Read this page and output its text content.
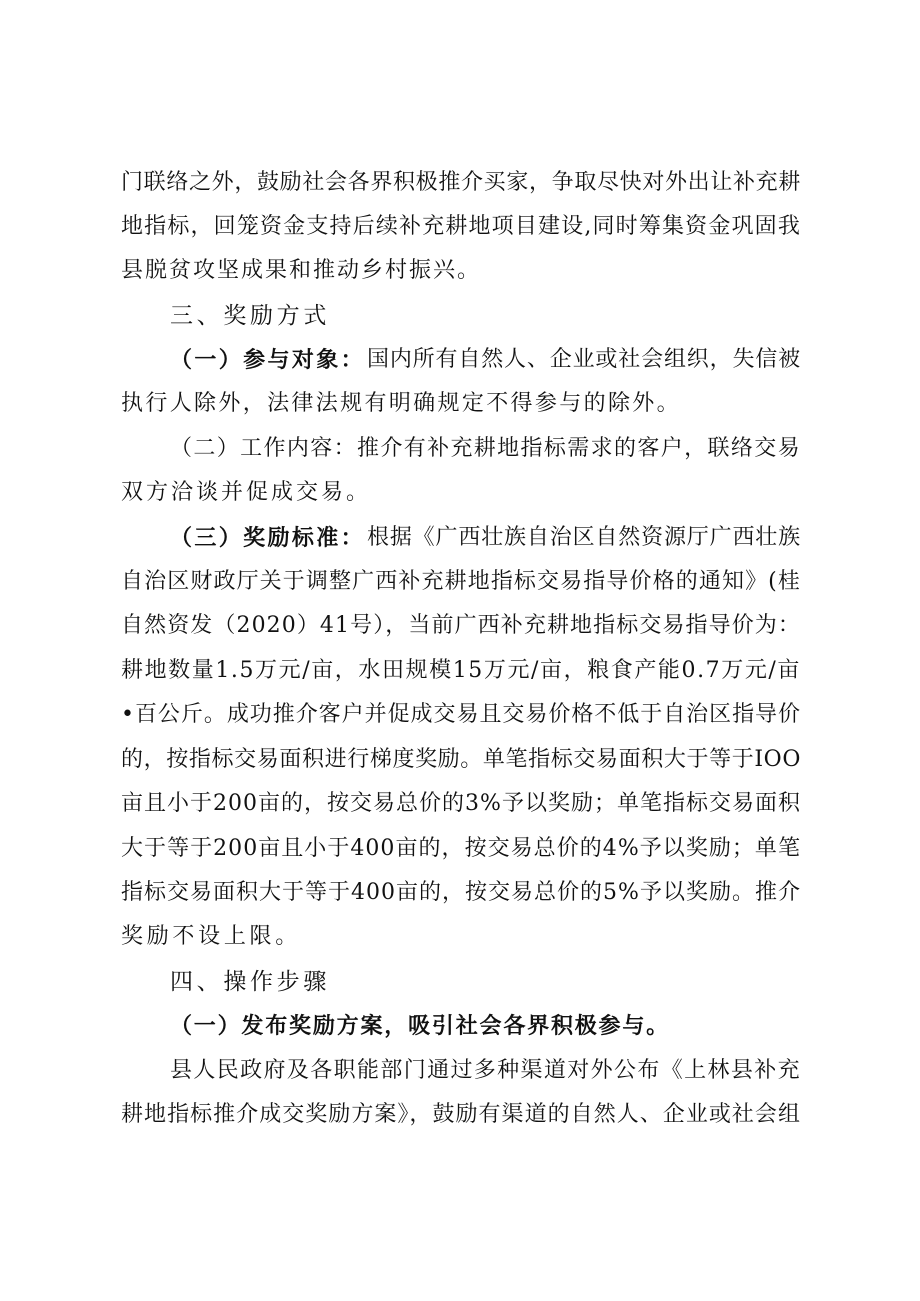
门联络之外，鼓励社会各界积极推介买家，争取尽快对外出让补充耕
地指标，回笼资金支持后续补充耕地项目建设,同时筹集资金巩固我
县脱贫攻坚成果和推动乡村振兴。
三、奖励方式
（一）参与对象： 国内所有自然人、企业或社会组织，失信被
执行人除外，法律法规有明确规定不得参与的除外。
（二）工作内容：推介有补充耕地指标需求的客户，联络交易
双方洽谈并促成交易。
（三）奖励标准： 根据《广西壮族自治区自然资源厅广西壮族
自治区财政厅关于调整广西补充耕地指标交易指导价格的通知》(桂
自然资发（2020）41号），当前广西补充耕地指标交易指导价为：
耕地数量1.5万元/亩，水田规模15万元/亩，粮食产能0.7万元/亩
•百公斤。成功推介客户并促成交易且交易价格不低于自治区指导价
的，按指标交易面积进行梯度奖励。单笔指标交易面积大于等于IOO
亩且小于200亩的，按交易总价的3%予以奖励；单笔指标交易面积
大于等于200亩且小于400亩的，按交易总价的4%予以奖励；单笔
指标交易面积大于等于400亩的，按交易总价的5%予以奖励。推介
奖励不设上限。
四、操作步骤
（一）发布奖励方案，吸引社会各界积极参与。
县人民政府及各职能部门通过多种渠道对外公布《上林县补充
耕地指标推介成交奖励方案》，鼓励有渠道的自然人、企业或社会组
